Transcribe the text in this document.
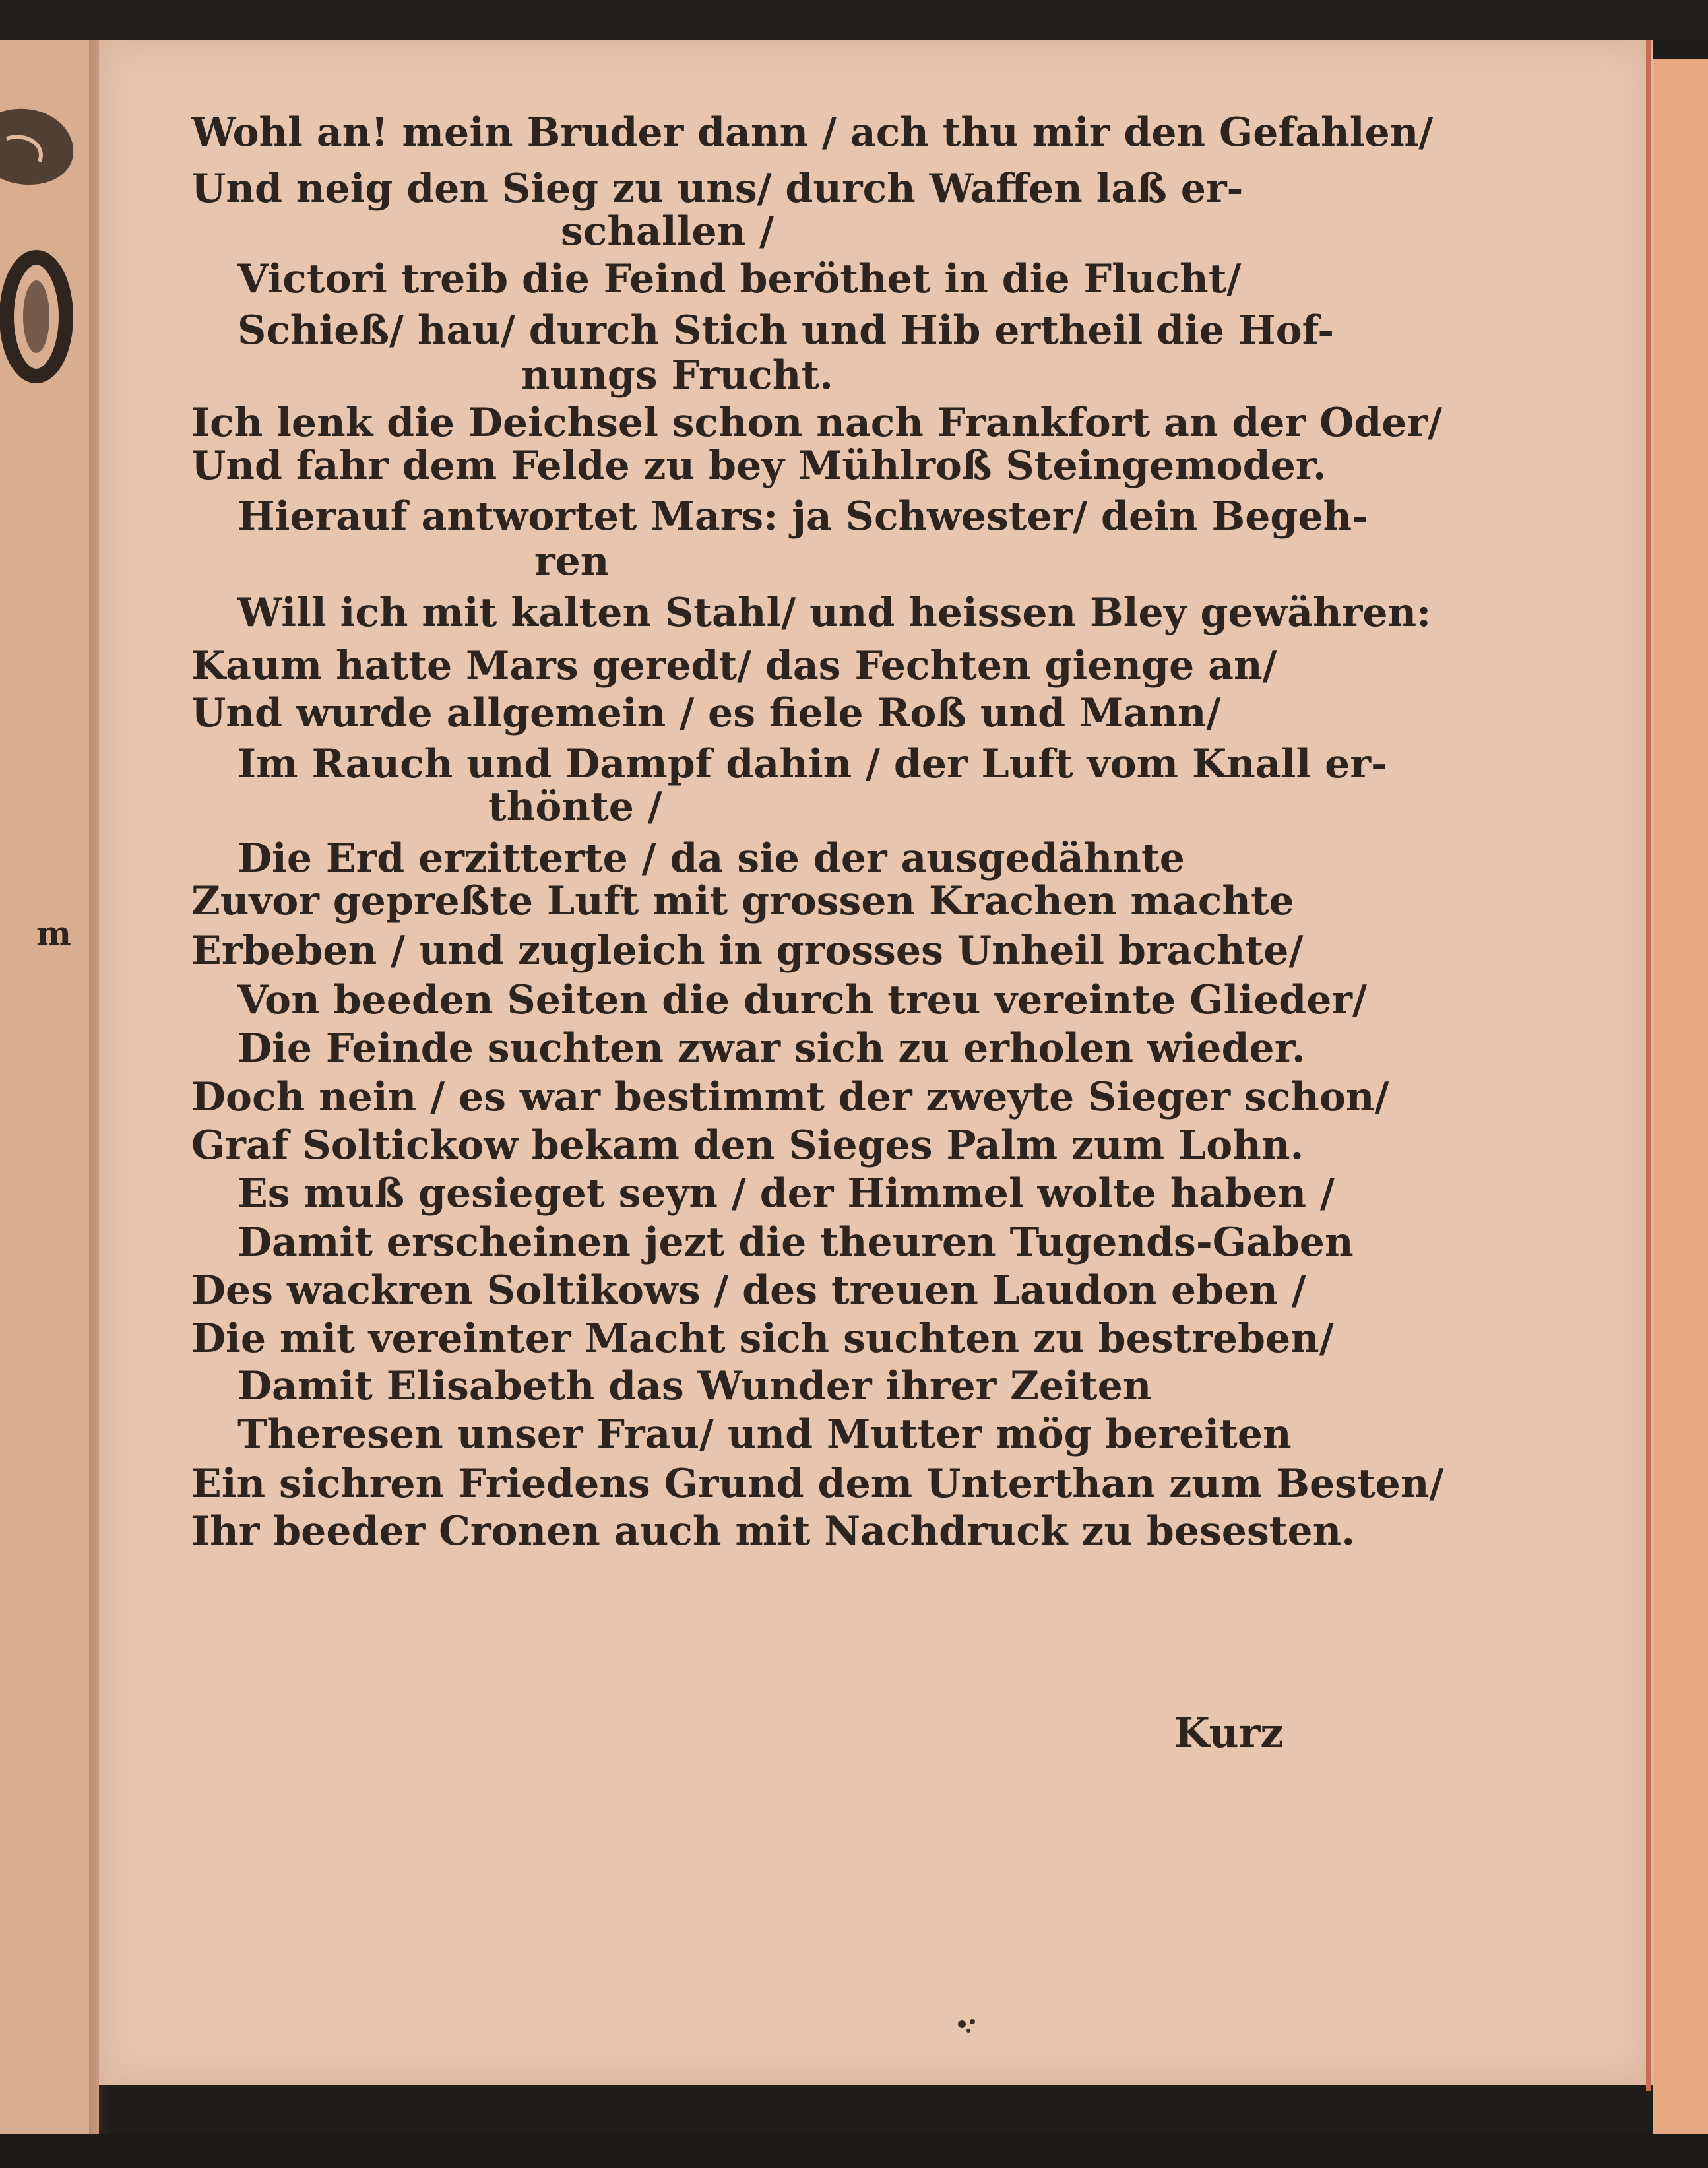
m
Wohl an! mein Bruder dann / ach thu mir den Gefahlen/
Und neig den Sieg zu uns/ durch Waffen laß er-
schallen /
Victori treib die Feind beröthet in die Flucht/
Schieß/ hau/ durch Stich und Hib ertheil die Hof-
nungs Frucht.
Ich lenk die Deichsel schon nach Frankfort an der Oder/
Und fahr dem Felde zu bey Mühlroß Steingemoder.
Hierauf antwortet Mars: ja Schwester/ dein Begeh-
ren
Will ich mit kalten Stahl/ und heissen Bley gewähren:
Kaum hatte Mars geredt/ das Fechten gienge an/
Und wurde allgemein / es fiele Roß und Mann/
Im Rauch und Dampf dahin / der Luft vom Knall er-
thönte /
Die Erd erzitterte / da sie der ausgedähnte
Zuvor gepreßte Luft mit grossen Krachen machte
Erbeben / und zugleich in grosses Unheil brachte/
Von beeden Seiten die durch treu vereinte Glieder/
Die Feinde suchten zwar sich zu erholen wieder.
Doch nein / es war bestimmt der zweyte Sieger schon/
Graf Soltickow bekam den Sieges Palm zum Lohn.
Es muß gesieget seyn / der Himmel wolte haben /
Damit erscheinen jezt die theuren Tugends-Gaben
Des wackren Soltikows / des treuen Laudon eben /
Die mit vereinter Macht sich suchten zu bestreben/
Damit Elisabeth das Wunder ihrer Zeiten
Theresen unser Frau/ und Mutter mög bereiten
Ein sichren Friedens Grund dem Unterthan zum Besten/
Ihr beeder Cronen auch mit Nachdruck zu besesten.
Kurz
